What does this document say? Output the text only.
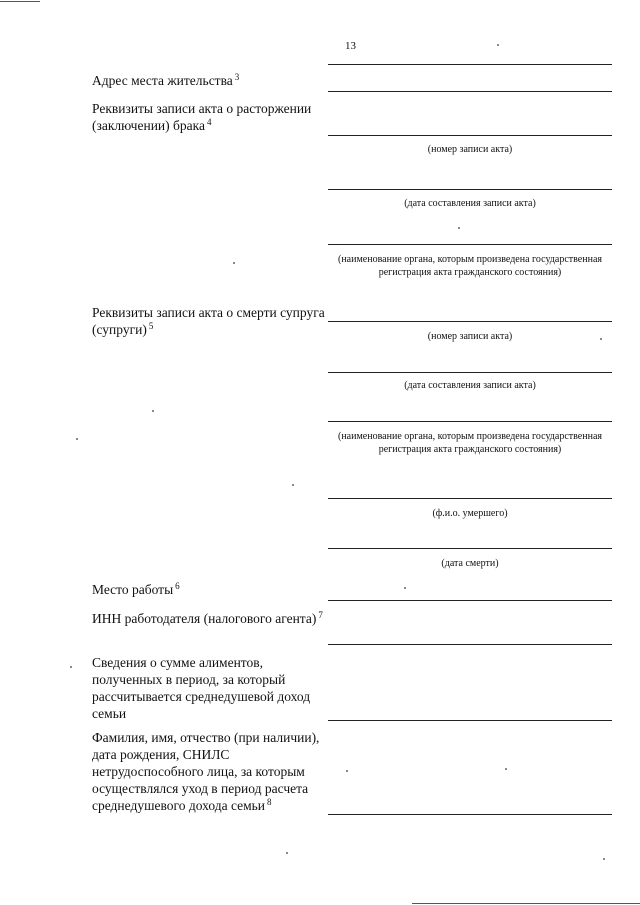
13
Адрес места жительства $^3$
Реквизиты записи акта о расторжении (заключении) брака $^4$
(номер записи акта)
(дата составления записи акта)
(наименование органа, которым произведена государственная регистрация акта гражданского состояния)
Реквизиты записи акта о смерти супруга (супруги) $^5$
(номер записи акта)
(дата составления записи акта)
(наименование органа, которым произведена государственная регистрация акта гражданского состояния)
(ф.и.о. умершего)
(дата смерти)
Место работы $^6$
ИНН работодателя (налогового агента) $^7$
Сведения о сумме алиментов, полученных в период, за который рассчитывается среднедушевой доход семьи
Фамилия, имя, отчество (при наличии), дата рождения, СНИЛС нетрудоспособного лица, за которым осуществлялся уход в период расчета среднедушевого дохода семьи $^8$
